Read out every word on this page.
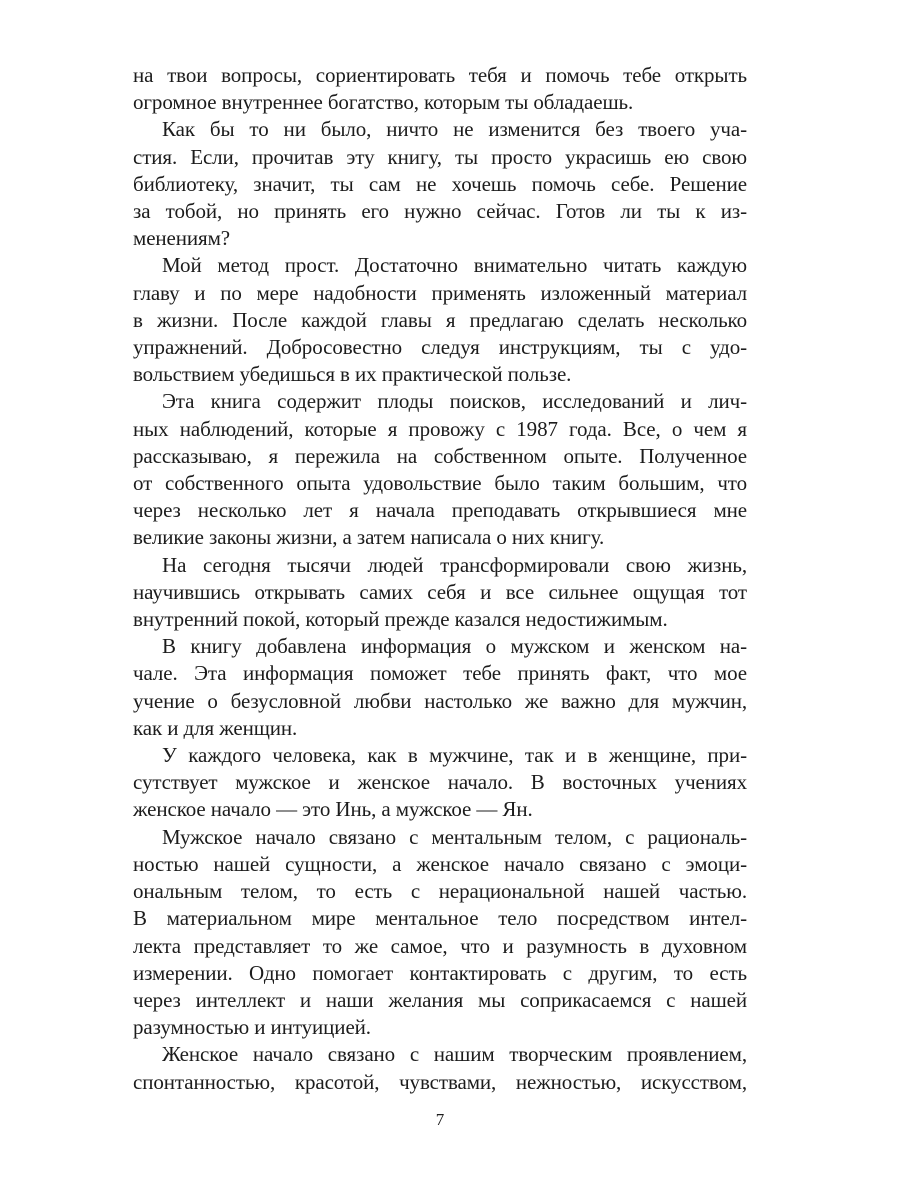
на твои вопросы, сориентировать тебя и помочь тебе открыть
огромное внутреннее богатство, которым ты обладаешь.
Как бы то ни было, ничто не изменится без твоего уча-
стия. Если, прочитав эту книгу, ты просто украсишь ею свою
библиотеку, значит, ты сам не хочешь помочь себе. Решение
за тобой, но принять его нужно сейчас. Готов ли ты к из-
менениям?
Мой метод прост. Достаточно внимательно читать каждую
главу и по мере надобности применять изложенный материал
в жизни. После каждой главы я предлагаю сделать несколько
упражнений. Добросовестно следуя инструкциям, ты с удо-
вольствием убедишься в их практической пользе.
Эта книга содержит плоды поисков, исследований и лич-
ных наблюдений, которые я провожу с 1987 года. Все, о чем я
рассказываю, я пережила на собственном опыте. Полученное
от собственного опыта удовольствие было таким большим, что
через несколько лет я начала преподавать открывшиеся мне
великие законы жизни, а затем написала о них книгу.
На сегодня тысячи людей трансформировали свою жизнь,
научившись открывать самих себя и все сильнее ощущая тот
внутренний покой, который прежде казался недостижимым.
В книгу добавлена информация о мужском и женском на-
чале. Эта информация поможет тебе принять факт, что мое
учение о безусловной любви настолько же важно для мужчин,
как и для женщин.
У каждого человека, как в мужчине, так и в женщине, при-
сутствует мужское и женское начало. В восточных учениях
женское начало — это Инь, а мужское — Ян.
Мужское начало связано с ментальным телом, с рациональ-
ностью нашей сущности, а женское начало связано с эмоци-
ональным телом, то есть с нерациональной нашей частью.
В материальном мире ментальное тело посредством интел-
лекта представляет то же самое, что и разумность в духовном
измерении. Одно помогает контактировать с другим, то есть
через интеллект и наши желания мы соприкасаемся с нашей
разумностью и интуицией.
Женское начало связано с нашим творческим проявлением,
спонтанностью, красотой, чувствами, нежностью, искусством,
7
